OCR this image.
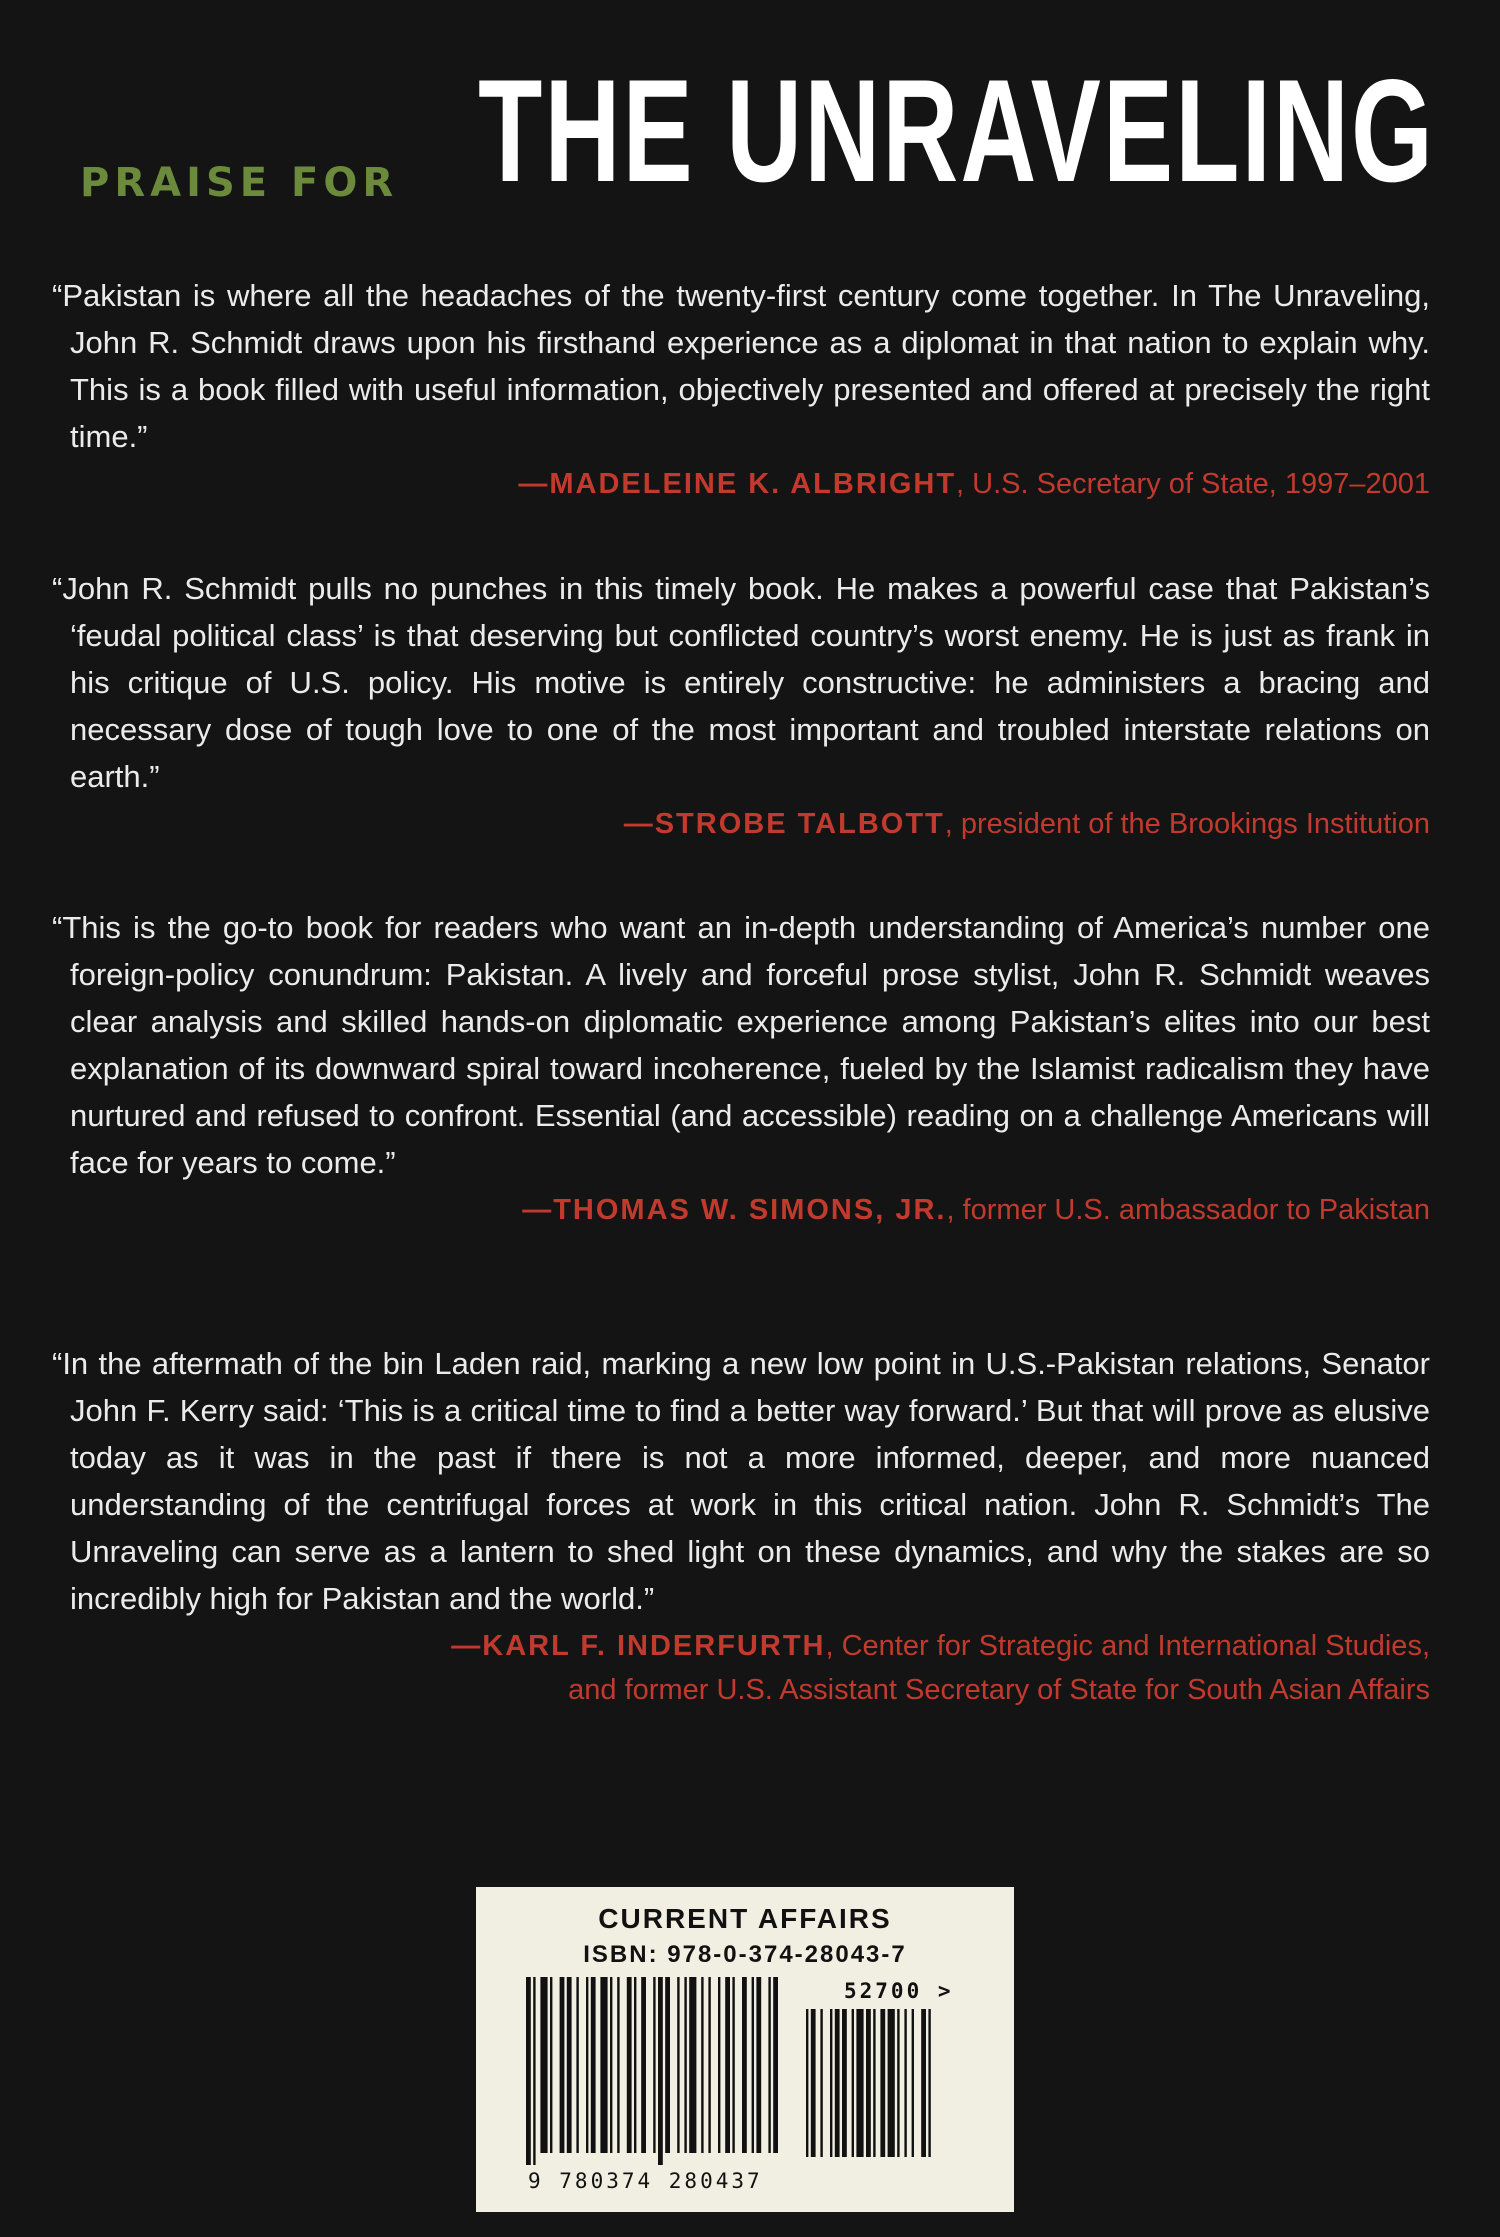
PRAISE FOR THE UNRAVELING
“Pakistan is where all the headaches of the twenty-first century come together. In The Unraveling, John R. Schmidt draws upon his firsthand experience as a diplomat in that nation to explain why. This is a book filled with useful information, objectively presented and offered at precisely the right time.”
—MADELEINE K. ALBRIGHT, U.S. Secretary of State, 1997–2001
“John R. Schmidt pulls no punches in this timely book. He makes a powerful case that Pakistan’s ‘feudal political class’ is that deserving but conflicted country’s worst enemy. He is just as frank in his critique of U.S. policy. His motive is entirely constructive: he administers a bracing and necessary dose of tough love to one of the most important and troubled interstate relations on earth.”
—STROBE TALBOTT, president of the Brookings Institution
“This is the go-to book for readers who want an in-depth understanding of America’s number one foreign-policy conundrum: Pakistan. A lively and forceful prose stylist, John R. Schmidt weaves clear analysis and skilled hands-on diplomatic experience among Pakistan’s elites into our best explanation of its downward spiral toward incoherence, fueled by the Islamist radicalism they have nurtured and refused to confront. Essential (and accessible) reading on a challenge Americans will face for years to come.”
—THOMAS W. SIMONS, JR., former U.S. ambassador to Pakistan
“In the aftermath of the bin Laden raid, marking a new low point in U.S.-Pakistan relations, Senator John F. Kerry said: ‘This is a critical time to find a better way forward.’ But that will prove as elusive today as it was in the past if there is not a more informed, deeper, and more nuanced understanding of the centrifugal forces at work in this critical nation. John R. Schmidt’s The Unraveling can serve as a lantern to shed light on these dynamics, and why the stakes are so incredibly high for Pakistan and the world.”
—KARL F. INDERFURTH, Center for Strategic and International Studies,
and former U.S. Assistant Secretary of State for South Asian Affairs
CURRENT AFFAIRS
ISBN: 978-0-374-28043-7
52700 >
9 780374 280437
